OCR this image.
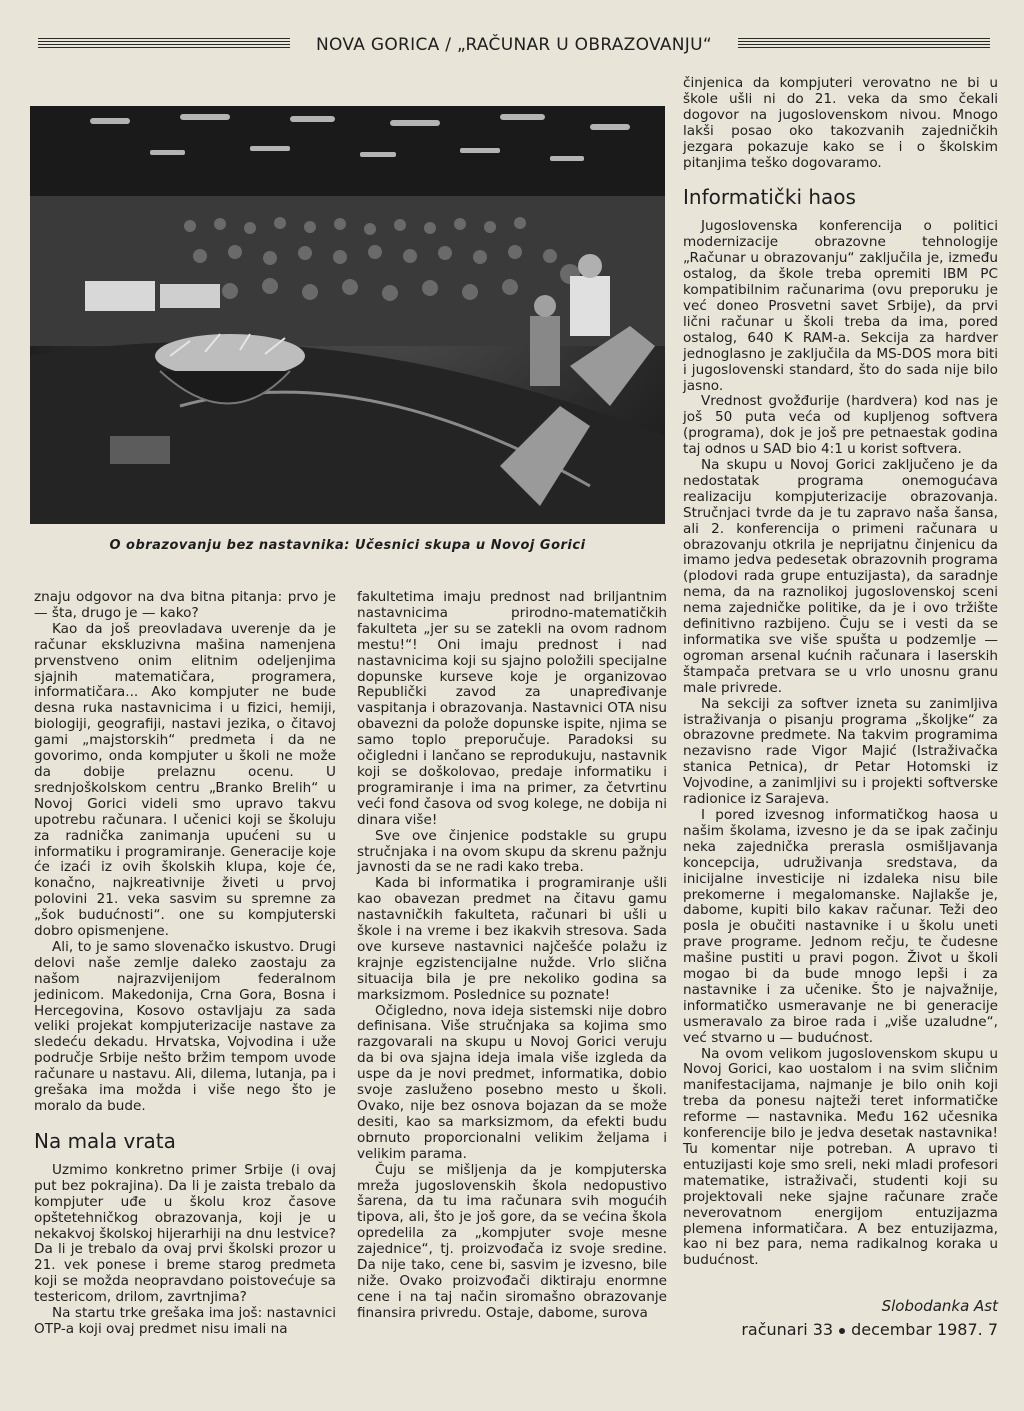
NOVA GORICA / „RAČUNAR U OBRAZOVANJU“
O obrazovanju bez nastavnika: Učesnici skupa u Novoj Gorici

znaju odgovor na dva bitna pitanja: prvo je — šta, drugo je — kako?

Kao da još preovladava uverenje da je računar ekskluzivna mašina namenjena prvenstveno onim elitnim odeljenjima sjajnih matematičara, programera, informatičara... Ako kompjuter ne bude desna ruka nastavnicima i u fizici, hemiji, biologiji, geografiji, nastavi jezika, o čitavoj gami „majstorskih“ predmeta i da ne govorimo, onda kompjuter u školi ne može da dobije prelaznu ocenu. U srednjoškolskom centru „Branko Brelih“ u Novoj Gorici videli smo upravo takvu upotrebu računara. I učenici koji se školuju za radnička zanimanja upućeni su u informatiku i programiranje. Generacije koje će izaći iz ovih školskih klupa, koje će, konačno, najkreativnije živeti u prvoj polovini 21. veka sasvim su spremne za „šok budućnosti“. one su kompjuterski dobro opismenjene.

Ali, to je samo slovenačko iskustvo. Drugi delovi naše zemlje daleko zaostaju za našom najrazvijenijom federalnom jedinicom. Makedonija, Crna Gora, Bosna i Hercegovina, Kosovo ostavljaju za sada veliki projekat kompjuterizacije nastave za sledeću dekadu. Hrvatska, Vojvodina i uže područje Srbije nešto bržim tempom uvode računare u nastavu. Ali, dilema, lutanja, pa i grešaka ima možda i više nego što je moralo da bude.

Na mala vrata

Uzmimo konkretno primer Srbije (i ovaj put bez pokrajina). Da li je zaista trebalo da kompjuter uđe u školu kroz časove opštetehničkog obrazovanja, koji je u nekakvoj školskoj hijerarhiji na dnu lestvice? Da li je trebalo da ovaj prvi školski prozor u 21. vek ponese i breme starog predmeta koji se možda neopravdano poistovećuje sa testericom, drilom, zavrtnjima?

Na startu trke grešaka ima još: nastavnici OTP-a koji ovaj predmet nisu imali na

fakultetima imaju prednost nad briljantnim nastavnicima prirodno-matematičkih fakulteta „jer su se zatekli na ovom radnom mestu!“! Oni imaju prednost i nad nastavnicima koji su sjajno položili specijalne dopunske kurseve koje je organizovao Republički zavod za unapređivanje vaspitanja i obrazovanja. Nastavnici OTA nisu obavezni da polože dopunske ispite, njima se samo toplo preporučuje. Paradoksi su očigledni i lančano se reprodukuju, nastavnik koji se doškolovao, predaje informatiku i programiranje i ima na primer, za četvrtinu veći fond časova od svog kolege, ne dobija ni dinara više!

Sve ove činjenice podstakle su grupu stručnjaka i na ovom skupu da skrenu pažnju javnosti da se ne radi kako treba.

Kada bi informatika i programiranje ušli kao obavezan predmet na čitavu gamu nastavničkih fakulteta, računari bi ušli u škole i na vreme i bez ikakvih stresova. Sada ove kurseve nastavnici najčešće polažu iz krajnje egzistencijalne nužde. Vrlo slična situacija bila je pre nekoliko godina sa marksizmom. Poslednice su poznate!

Očigledno, nova ideja sistemski nije dobro definisana. Više stručnjaka sa kojima smo razgovarali na skupu u Novoj Gorici veruju da bi ova sjajna ideja imala više izgleda da uspe da je novi predmet, informatika, dobio svoje zasluženo posebno mesto u školi. Ovako, nije bez osnova bojazan da se može desiti, kao sa marksizmom, da efekti budu obrnuto proporcionalni velikim željama i velikim parama.

Čuju se mišljenja da je kompjuterska mreža jugoslovenskih škola nedopustivo šarena, da tu ima računara svih mogućih tipova, ali, što je još gore, da se većina škola opredelila za „kompjuter svoje mesne zajednice“, tj. proizvođača iz svoje sredine. Da nije tako, cene bi, sasvim je izvesno, bile niže. Ovako proizvođači diktiraju enormne cene i na taj način siromašno obrazovanje finansira privredu. Ostaje, dabome, surova

činjenica da kompjuteri verovatno ne bi u škole ušli ni do 21. veka da smo čekali dogovor na jugoslovenskom nivou. Mnogo lakši posao oko takozvanih zajedničkih jezgara pokazuje kako se i o školskim pitanjima teško dogovaramo.

Informatički haos

Jugoslovenska konferencija o politici modernizacije obrazovne tehnologije „Računar u obrazovanju“ zaključila je, između ostalog, da škole treba opremiti IBM PC kompatibilnim računarima (ovu preporuku je već doneo Prosvetni savet Srbije), da prvi lični računar u školi treba da ima, pored ostalog, 640 K RAM-a. Sekcija za hardver jednoglasno je zaključila da MS-DOS mora biti i jugoslovenski standard, što do sada nije bilo jasno.

Vrednost gvožđurije (hardvera) kod nas je još 50 puta veća od kupljenog softvera (programa), dok je još pre petnaestak godina taj odnos u SAD bio 4:1 u korist softvera.

Na skupu u Novoj Gorici zaključeno je da nedostatak programa onemogućava realizaciju kompjuterizacije obrazovanja. Stručnjaci tvrde da je tu zapravo naša šansa, ali 2. konferencija o primeni računara u obrazovanju otkrila je neprijatnu činjenicu da imamo jedva pedesetak obrazovnih programa (plodovi rada grupe entuzijasta), da saradnje nema, da na raznolikoj jugoslovenskoj sceni nema zajedničke politike, da je i ovo tržište definitivno razbijeno. Čuju se i vesti da se informatika sve više spušta u podzemlje — ogroman arsenal kućnih računara i laserskih štampača pretvara se u vrlo unosnu granu male privrede.

Na sekciji za softver izneta su zanimljiva istraživanja o pisanju programa „školjke“ za obrazovne predmete. Na takvim programima nezavisno rade Vigor Majić (Istraživačka stanica Petnica), dr Petar Hotomski iz Vojvodine, a zanimljivi su i projekti softverske radionice iz Sarajeva.

I pored izvesnog informatičkog haosa u našim školama, izvesno je da se ipak začinju neka zajednička prerasla osmišljavanja koncepcija, udruživanja sredstava, da inicijalne investicije ni izdaleka nisu bile prekomerne i megalomanske. Najlakše je, dabome, kupiti bilo kakav računar. Teži deo posla je obučiti nastavnike i u školu uneti prave programe. Jednom rečju, te čudesne mašine pustiti u pravi pogon. Život u školi mogao bi da bude mnogo lepši i za nastavnike i za učenike. Što je najvažnije, informatičko usmeravanje ne bi generacije usmeravalo za biroe rada i „više uzaludne“, već stvarno u — budućnost.

Na ovom velikom jugoslovenskom skupu u Novoj Gorici, kao uostalom i na svim sličnim manifestacijama, najmanje je bilo onih koji treba da ponesu najteži teret informatičke reforme — nastavnika. Među 162 učesnika konferencije bilo je jedva desetak nastavnika! Tu komentar nije potreban. A upravo ti entuzijasti koje smo sreli, neki mladi profesori matematike, istraživači, studenti koji su projektovali neke sjajne računare zrače neverovatnom energijom entuzijazma plemena informatičara. A bez entuzijazma, kao ni bez para, nema radikalnog koraka u budućnost.

Slobodanka Ast
računari 33 decembar 1987. 7
